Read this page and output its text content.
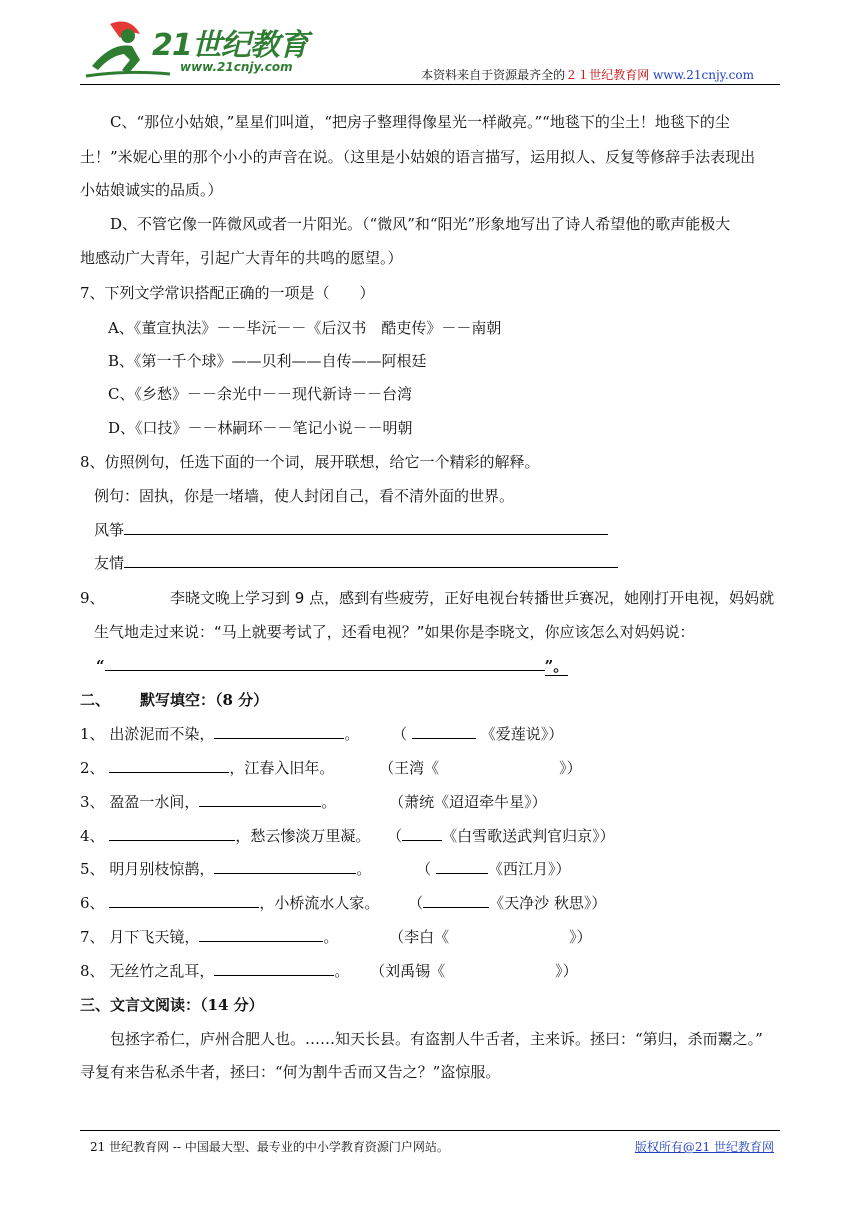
21世纪教育
www.21cnjy.com
本资料来自于资源最齐全的２１世纪教育网 www.21cnjy.com
C、“那位小姑娘，”星星们叫道，“把房子整理得像星光一样敞亮。”“地毯下的尘土！地毯下的尘
土！”米妮心里的那个小小的声音在说。（这里是小姑娘的语言描写，运用拟人、反复等修辞手法表现出
小姑娘诚实的品质。）
D、不管它像一阵微风或者一片阳光。（“微风”和“阳光”形象地写出了诗人希望他的歌声能极大
地感动广大青年，引起广大青年的共鸣的愿望。）
7、下列文学常识搭配正确的一项是（　　）
A、《董宣执法》－－毕沅－－《后汉书　酷吏传》－－南朝
B、《第一千个球》——贝利——自传——阿根廷
C、《乡愁》－－余光中－－现代新诗－－台湾
D、《口技》－－林嗣环－－笔记小说－－明朝
8、仿照例句，任选下面的一个词，展开联想，给它一个精彩的解释。
例句：固执，你是一堵墙，使人封闭自己，看不清外面的世界。
风筝
友情
9、	李晓文晚上学习到 9 点，感到有些疲劳，正好电视台转播世乒赛况，她刚打开电视，妈妈就
生气地走过来说：“马上就要考试了，还看电视？”如果你是李晓文，你应该怎么对妈妈说：
“	”。
二、 默写填空：（8 分）
1、 出淤泥而不染，	。 （	《爱莲说》）
2、	，江春入旧年。	（王湾《	》）
3、 盈盈一水间，	。	（萧统《迢迢牵牛星》）
4、	，愁云惨淡万里凝。 （	《白雪歌送武判官归京》）
5、 明月别枝惊鹊，	。	（	《西江月》）
6、	，小桥流水人家。 （	《天净沙 秋思》）
7、 月下飞天镜，	。	（李白《	》）
8、 无丝竹之乱耳，	。 （刘禹锡《	》）
三、文言文阅读：（14 分）
包拯字希仁，庐州合肥人也。……知天长县。有盗割人牛舌者，主来诉。拯曰：“第归，杀而鬻之。”
寻复有来告私杀牛者，拯曰：“何为割牛舌而又告之？”盗惊服。
21 世纪教育网 -- 中国最大型、最专业的中小学教育资源门户网站。	版权所有@21 世纪教育网
